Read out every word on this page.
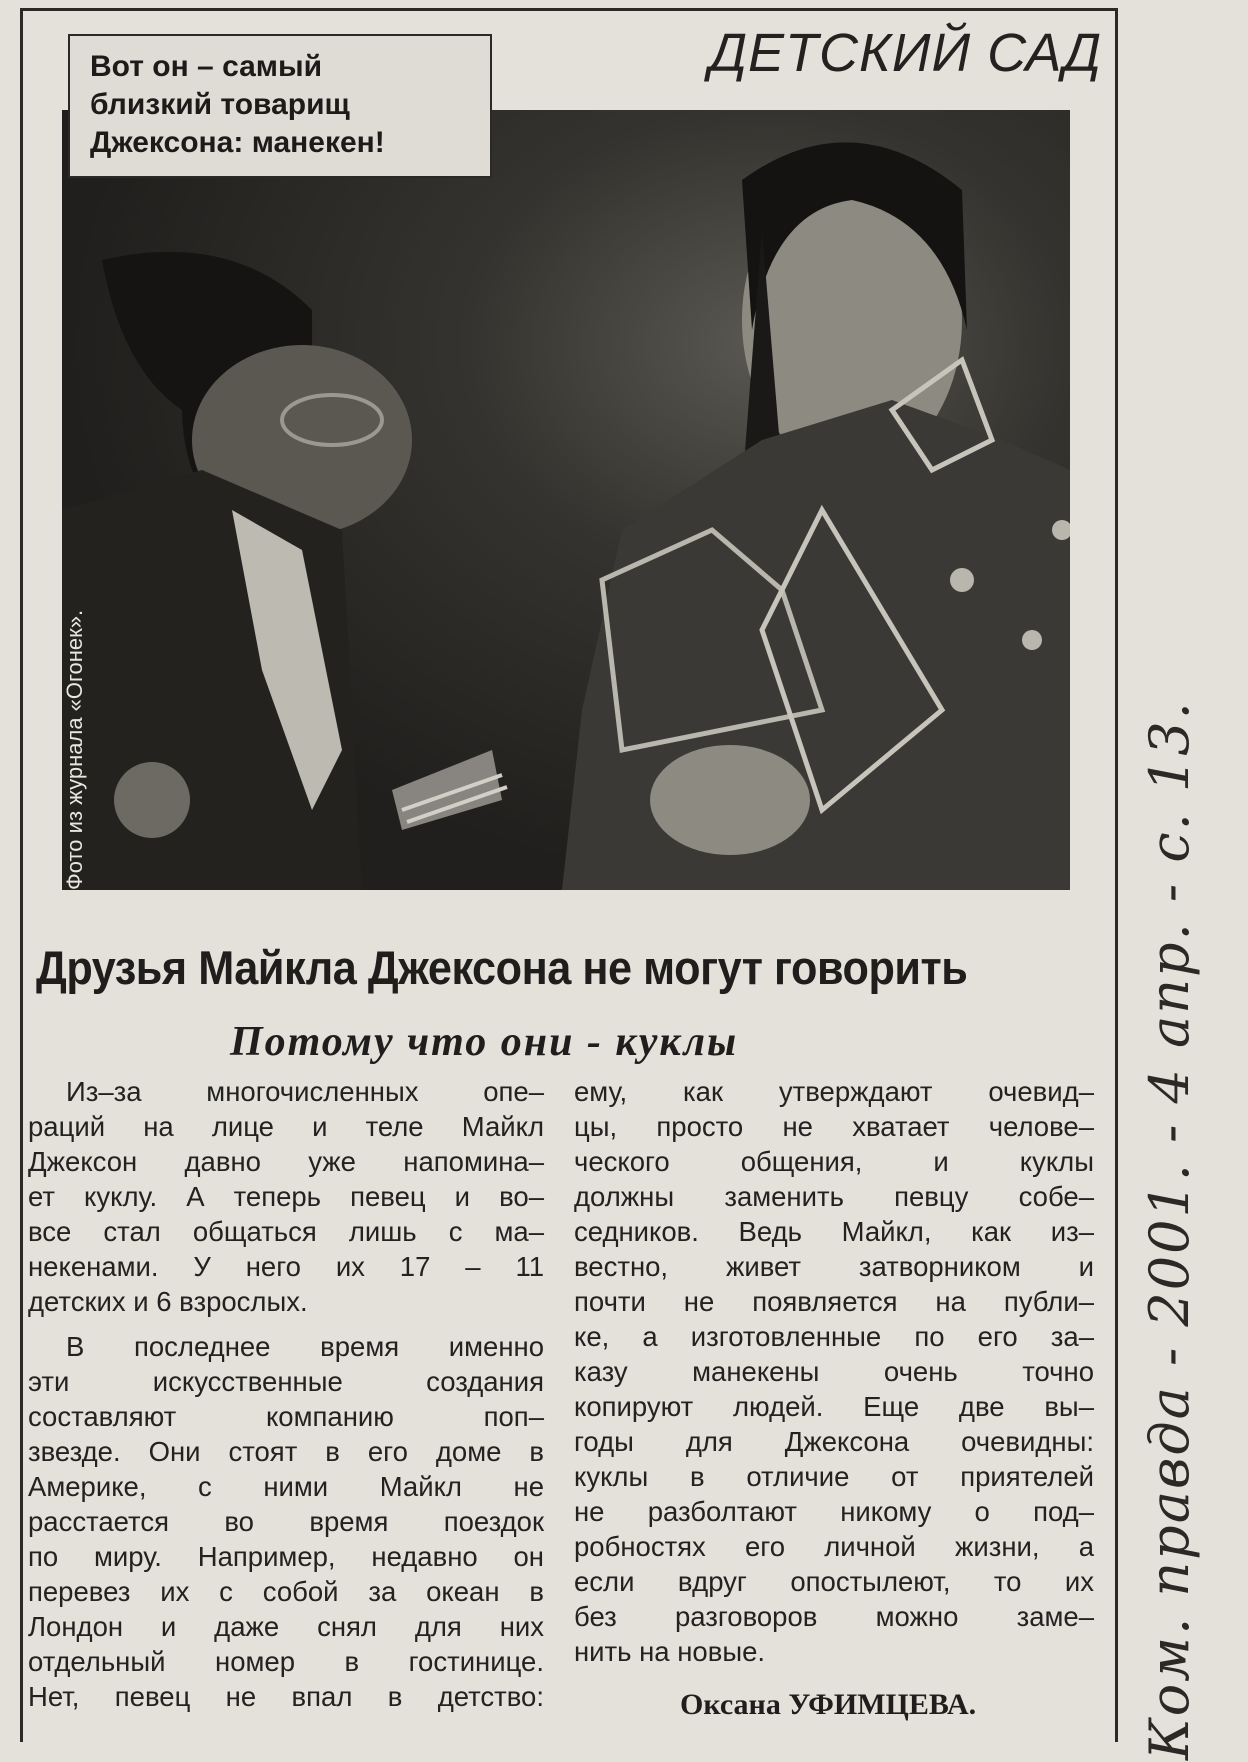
Фото из журнала «Огонек».
Вот он – самый
близкий товарищ
Джексона: манекен!
ДЕТСКИЙ САД
Друзья Майкла Джексона не могут говорить
Потому что они - куклы
Из–за многочисленных опе–
раций на лице и теле Майкл
Джексон давно уже напомина–
ет куклу. А теперь певец и во–
все стал общаться лишь с ма–
некенами. У него их 17 – 11
детских и 6 взрослых.
В последнее время именно
эти искусственные создания
составляют компанию поп–
звезде. Они стоят в его доме в
Америке, с ними Майкл не
расстается во время поездок
по миру. Например, недавно он
перевез их с собой за океан в
Лондон и даже снял для них
отдельный номер в гостинице.
Нет, певец не впал в детство:
ему, как утверждают очевид–
цы, просто не хватает челове–
ческого общения, и куклы
должны заменить певцу собе–
седников. Ведь Майкл, как из–
вестно, живет затворником и
почти не появляется на публи–
ке, а изготовленные по его за–
казу манекены очень точно
копируют людей. Еще две вы–
годы для Джексона очевидны:
куклы в отличие от приятелей
не разболтают никому о под–
робностях его личной жизни, а
если вдруг опостылеют, то их
без разговоров можно заме–
нить на новые.
Оксана УФИМЦЕВА.	Ком. правда - 2001. - 4 апр. - с. 13.
